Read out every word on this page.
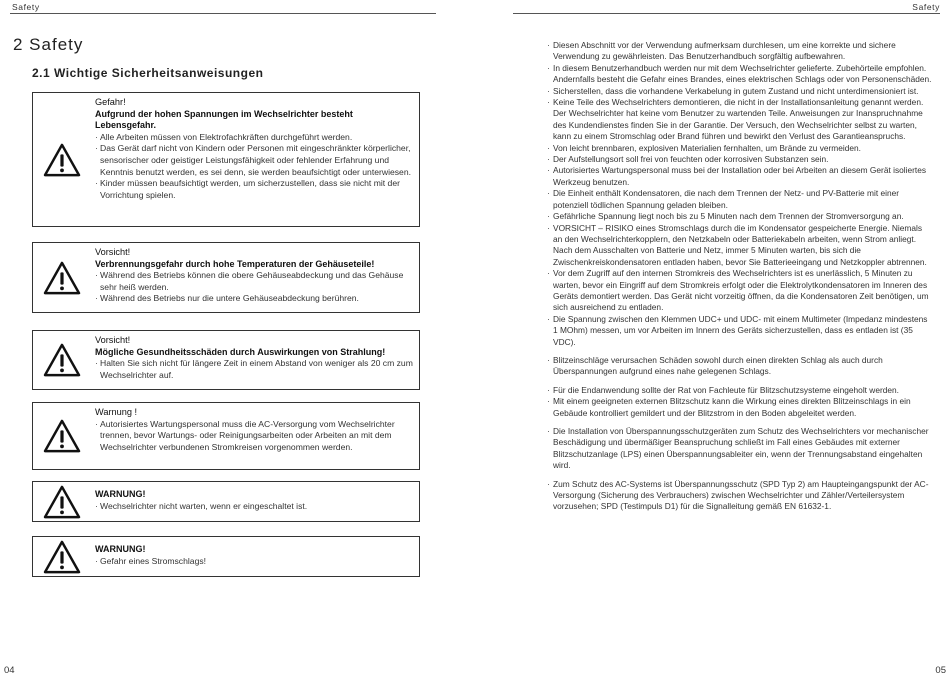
Safety
2 Safety
2.1 Wichtige Sicherheitsanweisungen
Gefahr!
Aufgrund der hohen Spannungen im Wechselrichter besteht Lebensgefahr.
· Alle Arbeiten müssen von Elektrofachkräften durchgeführt werden.
· Das Gerät darf nicht von Kindern oder Personen mit eingeschränkter körperlicher, sensorischer oder geistiger Leistungsfähigkeit oder fehlender Erfahrung und Kenntnis benutzt werden, es sei denn, sie werden beaufsichtigt oder unterwiesen.
· Kinder müssen beaufsichtigt werden, um sicherzustellen, dass sie nicht mit der Vorrichtung spielen.
Vorsicht!
Verbrennungsgefahr durch hohe Temperaturen der Gehäuseteile!
· Während des Betriebs können die obere Gehäuseabdeckung und das Gehäuse sehr heiß werden.
· Während des Betriebs nur die untere Gehäuseabdeckung berühren.
Vorsicht!
Mögliche Gesundheitsschäden durch Auswirkungen von Strahlung!
· Halten Sie sich nicht für längere Zeit in einem Abstand von weniger als 20 cm zum Wechselrichter auf.
Warnung !
· Autorisiertes Wartungspersonal muss die AC-Versorgung vom Wechselrichter trennen, bevor Wartungs- oder Reinigungsarbeiten oder Arbeiten an mit dem Wechselrichter verbundenen Stromkreisen vorgenommen werden.
WARNUNG!
· Wechselrichter nicht warten, wenn er eingeschaltet ist.
WARNUNG!
· Gefahr eines Stromschlags!
04
Safety
· Diesen Abschnitt vor der Verwendung aufmerksam durchlesen, um eine korrekte und sichere Verwendung zu gewährleisten. Das Benutzerhandbuch sorgfältig aufbewahren.
· In diesem Benutzerhandbuch werden nur mit dem Wechselrichter gelieferte. Zubehörteile empfohlen. Andernfalls besteht die Gefahr eines Brandes, eines elektrischen Schlags oder von Personenschäden.
· Sicherstellen, dass die vorhandene Verkabelung in gutem Zustand und nicht unterdimensioniert ist.
· Keine Teile des Wechselrichters demontieren, die nicht in der Installationsanleitung genannt werden. Der Wechselrichter hat keine vom Benutzer zu wartenden Teile. Anweisungen zur Inanspruchnahme des Kundendienstes finden Sie in der Garantie. Der Versuch, den Wechselrichter selbst zu warten, kann zu einem Stromschlag oder Brand führen und bewirkt den Verlust des Garantieanspruchs.
· Von leicht brennbaren, explosiven Materialien fernhalten, um Brände zu vermeiden.
· Der Aufstellungsort soll frei von feuchten oder korrosiven Substanzen sein.
· Autorisiertes Wartungspersonal muss bei der Installation oder bei Arbeiten an diesem Gerät isoliertes Werkzeug benutzen.
· Die Einheit enthält Kondensatoren, die nach dem Trennen der Netz- und PV-Batterie mit einer potenziell tödlichen Spannung geladen bleiben.
· Gefährliche Spannung liegt noch bis zu 5 Minuten nach dem Trennen der Stromversorgung an.
· VORSICHT – RISIKO eines Stromschlags durch die im Kondensator gespeicherte Energie. Niemals an den Wechselrichterkopplern, den Netzkabeln oder Batteriekabeln arbeiten, wenn Strom anliegt. Nach dem Ausschalten von Batterie und Netz, immer 5 Minuten warten, bis sich die Zwischenkreiskondensatoren entladen haben, bevor Sie Batterieeingang und Netzkoppler abtrennen.
· Vor dem Zugriff auf den internen Stromkreis des Wechselrichters ist es unerlässlich, 5 Minuten zu warten, bevor ein Eingriff auf dem Stromkreis erfolgt oder die Elektrolytkondensatoren im Inneren des Geräts demontiert werden. Das Gerät nicht vorzeitig öffnen, da die Kondensatoren Zeit benötigen, um sich ausreichend zu entladen.
· Die Spannung zwischen den Klemmen UDC+ und UDC- mit einem Multimeter (Impedanz mindestens 1 MOhm) messen, um vor Arbeiten im Innern des Geräts sicherzustellen, dass es entladen ist (35 VDC).
· Blitzeinschläge verursachen Schäden sowohl durch einen direkten Schlag als auch durch Überspannungen aufgrund eines nahe gelegenen Schlags.
· Für die Endanwendung sollte der Rat von Fachleute für Blitzschutzsysteme eingeholt werden.
· Mit einem geeigneten externen Blitzschutz kann die Wirkung eines direkten Blitzeinschlags in ein Gebäude kontrolliert gemildert und der Blitzstrom in den Boden abgeleitet werden.
· Die Installation von Überspannungsschutzgeräten zum Schutz des Wechselrichters vor mechanischer Beschädigung und übermäßiger Beanspruchung schließt im Fall eines Gebäudes mit externer Blitzschutzanlage (LPS) einen Überspannungsableiter ein, wenn der Trennungsabstand eingehalten wird.
· Zum Schutz des AC-Systems ist Überspannungsschutz (SPD Typ 2) am Haupteingangspunkt der AC-Versorgung (Sicherung des Verbrauchers) zwischen Wechselrichter und Zähler/Verteilersystem vorzusehen; SPD (Testimpuls D1) für die Signalleitung gemäß EN 61632-1.
05
